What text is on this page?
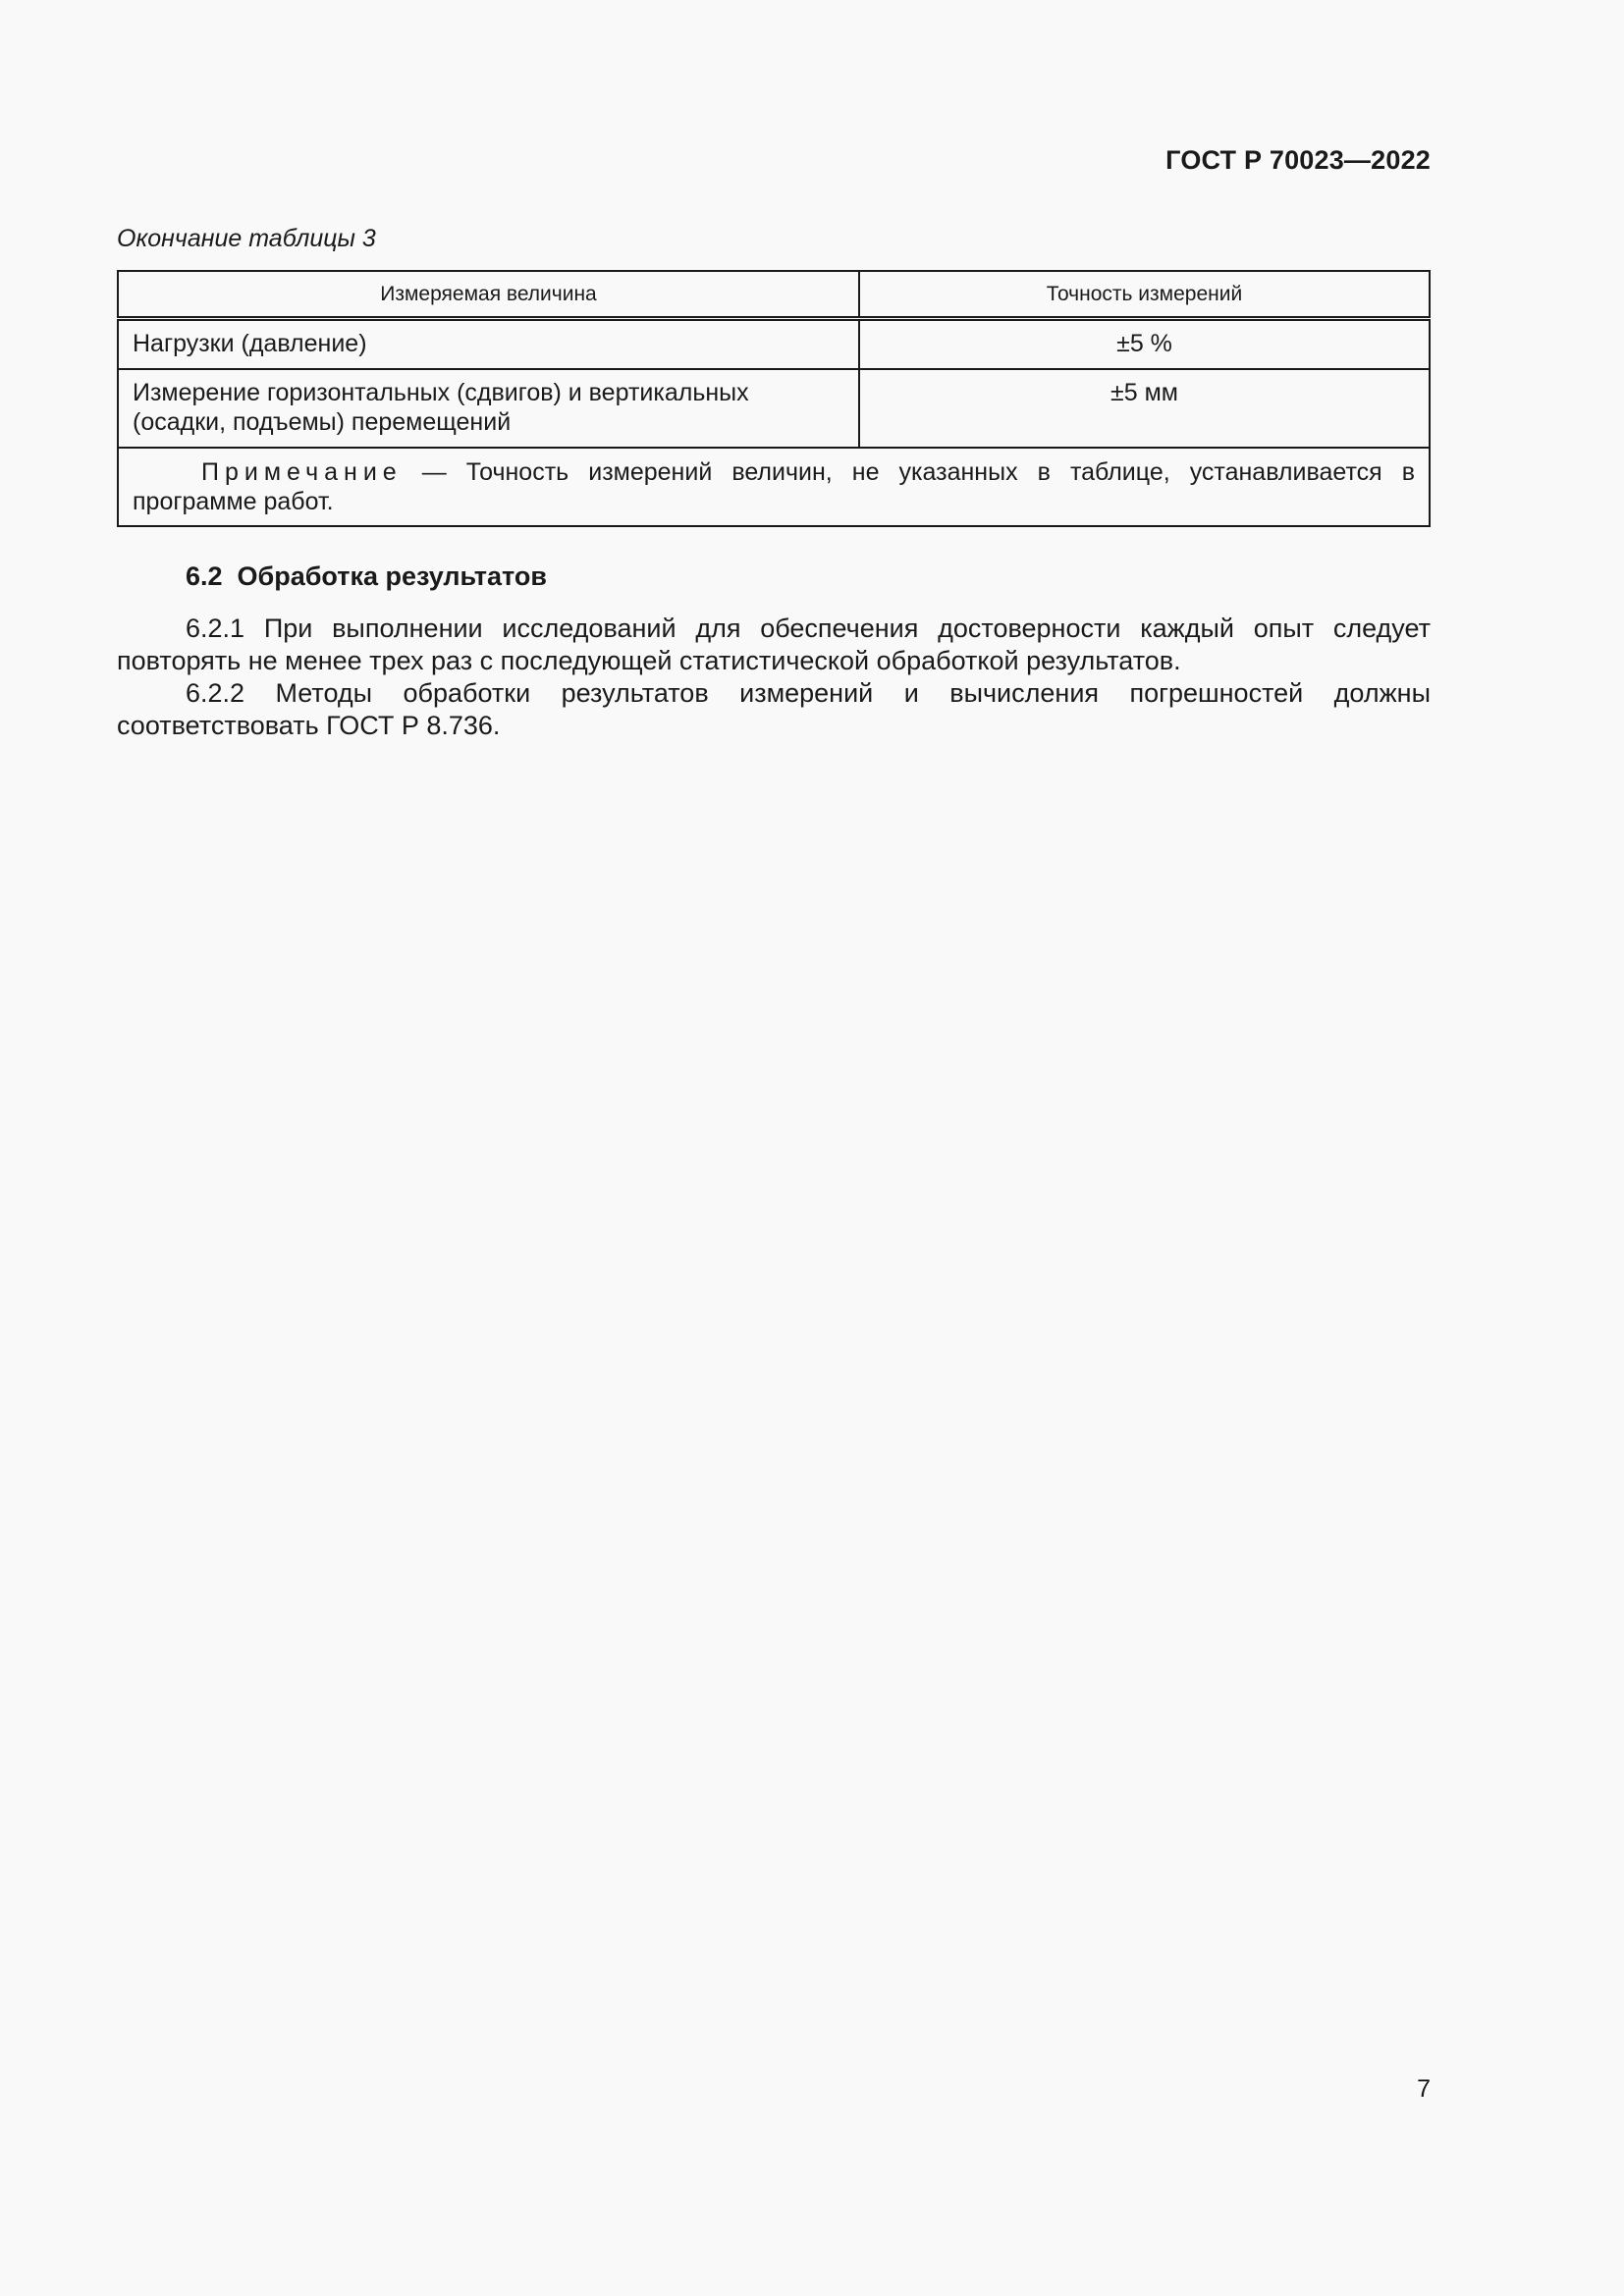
ГОСТ Р 70023—2022
Окончание таблицы 3
Измеряемая величина	Точность измерений
Нагрузки (давление)	±5 %
Измерение горизонтальных (сдвигов) и вертикальных (осадки, подъемы) перемещений	±5 мм
Примечание — Точность измерений величин, не указанных в таблице, устанавливается в программе работ.	
6.2  Обработка результатов
6.2.1 При выполнении исследований для обеспечения достоверности каждый опыт следует повторять не менее трех раз с последующей статистической обработкой результатов.
6.2.2 Методы обработки результатов измерений и вычисления погрешностей должны соответствовать ГОСТ Р 8.736.
7
